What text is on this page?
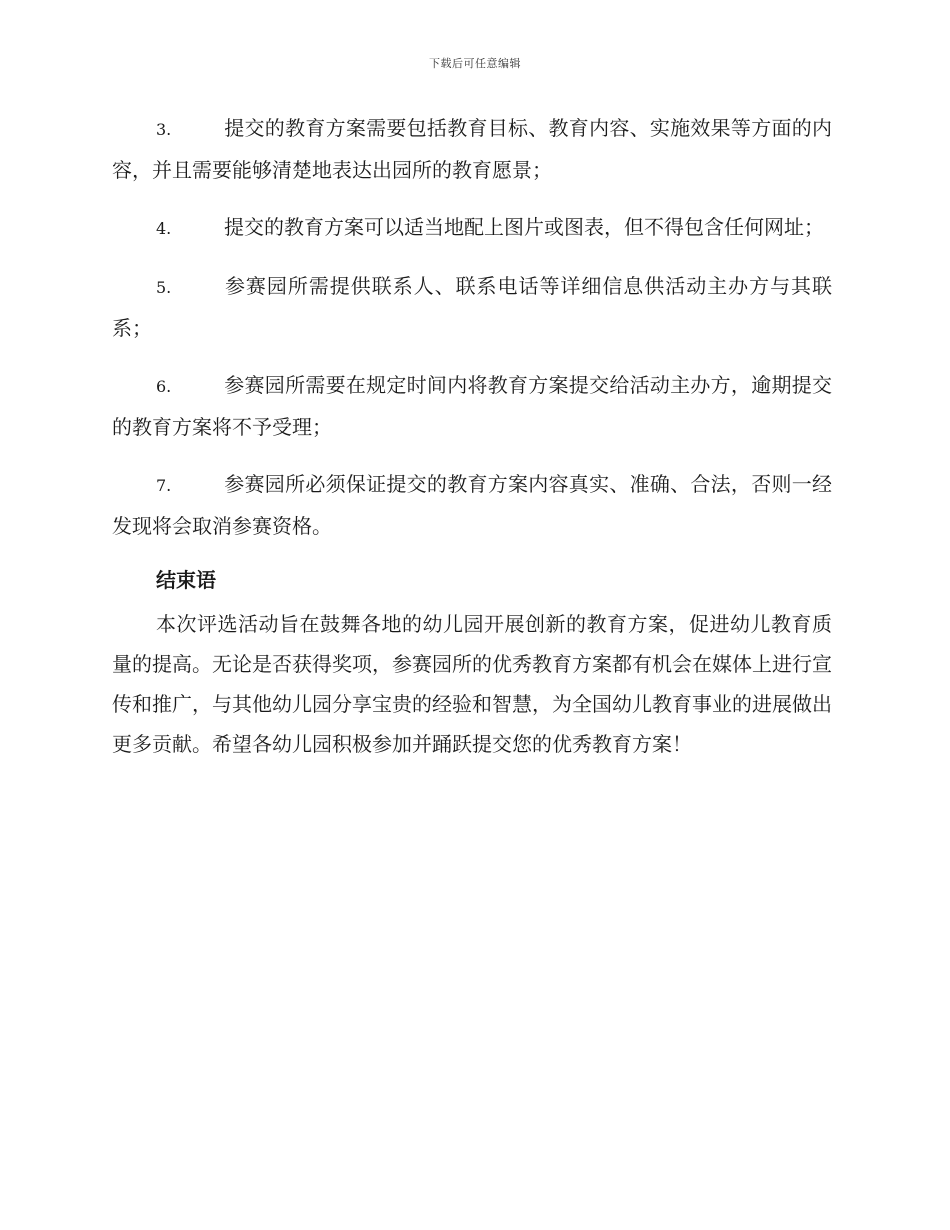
下载后可任意编辑
3.	提交的教育方案需要包括教育目标、教育内容、实施效果等方面的内容，并且需要能够清楚地表达出园所的教育愿景；
4.	提交的教育方案可以适当地配上图片或图表，但不得包含任何网址；
5.	参赛园所需提供联系人、联系电话等详细信息供活动主办方与其联系；
6.	参赛园所需要在规定时间内将教育方案提交给活动主办方，逾期提交的教育方案将不予受理；
7.	参赛园所必须保证提交的教育方案内容真实、准确、合法，否则一经发现将会取消参赛资格。
结束语

本次评选活动旨在鼓舞各地的幼儿园开展创新的教育方案，促进幼儿教育质量的提高。无论是否获得奖项，参赛园所的优秀教育方案都有机会在媒体上进行宣传和推广，与其他幼儿园分享宝贵的经验和智慧，为全国幼儿教育事业的进展做出更多贡献。希望各幼儿园积极参加并踊跃提交您的优秀教育方案！
